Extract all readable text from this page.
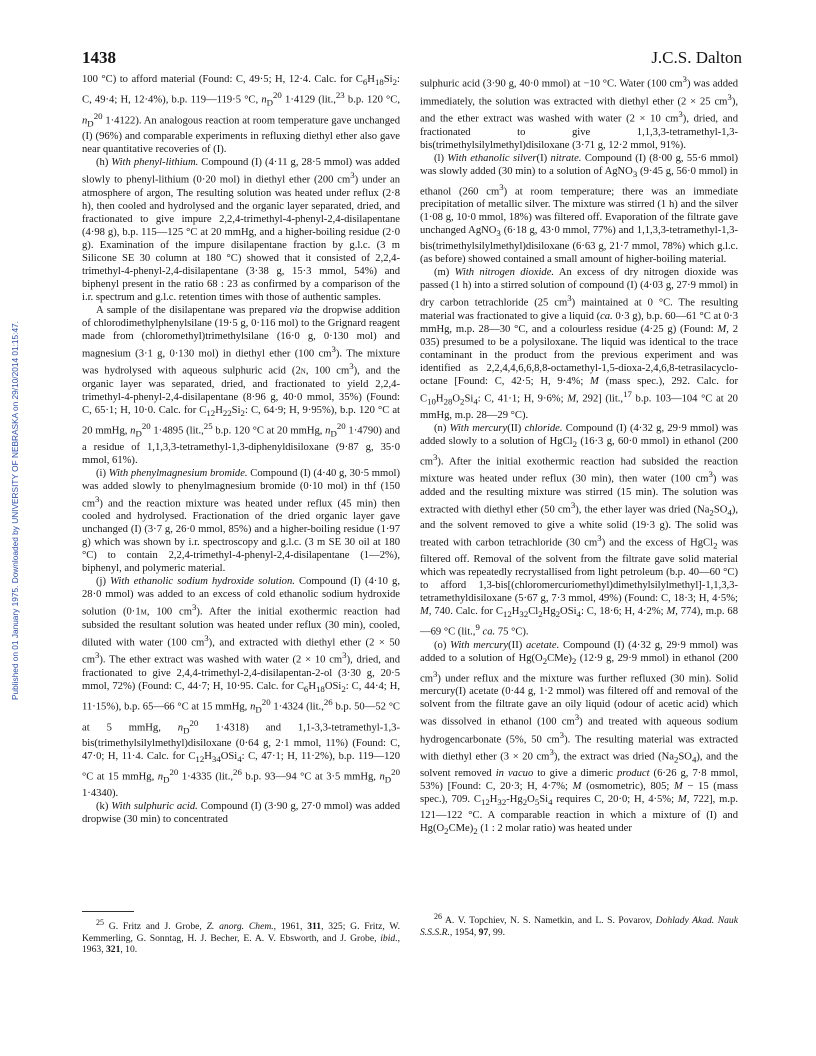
1438	J.C.S. Dalton
Published on 01 January 1975. Downloaded by UNIVERSITY OF NEBRASKA on 29/10/2014 01:15:47.

100 °C) to afford material (Found: C, 49·5; H, 12·4. Calc. for $C_6H_{18}Si_2$: C, 49·4; H, 12·4%), b.p. 119—119·5 °C, $n_D^{20}$ 1·4129 (lit.,$^{23}$ b.p. 120 °C, $n_D^{20}$ 1·4122). An analogous reaction at room temperature gave unchanged (I) (96%) and comparable experiments in refluxing diethyl ether also gave near quantitative recoveries of (I).

(h) With phenyl-lithium. Compound (I) (4·11 g, 28·5 mmol) was added slowly to phenyl-lithium (0·20 mol) in diethyl ether (200 $cm^3$) under an atmosphere of argon, The resulting solution was heated under reflux (2·8 h), then cooled and hydrolysed and the organic layer separated, dried, and fractionated to give impure 2,2,4-trimethyl-4-phenyl-2,4-disilapentane (4·98 g), b.p. 115—125 °C at 20 mmHg, and a higher-boiling residue (2·0 g). Examination of the impure disilapentane fraction by g.l.c. (3 m Silicone SE 30 column at 180 °C) showed that it consisted of 2,2,4-trimethyl-4-phenyl-2,4-disilapentane (3·38 g, 15·3 mmol, 54%) and biphenyl present in the ratio 68 : 23 as confirmed by a comparison of the i.r. spectrum and g.l.c. retention times with those of authentic samples.

A sample of the disilapentane was prepared via the dropwise addition of chlorodimethylphenylsilane (19·5 g, 0·116 mol) to the Grignard reagent made from (chloromethyl)trimethylsilane (16·0 g, 0·130 mol) and magnesium (3·1 g, 0·130 mol) in diethyl ether (100 $cm^3$). The mixture was hydrolysed with aqueous sulphuric acid (2n, 100 $cm^3$), and the organic layer was separated, dried, and fractionated to yield 2,2,4-trimethyl-4-phenyl-2,4-disilapentane (8·96 g, 40·0 mmol, 35%) (Found: C, 65·1; H, 10·0. Calc. for $C_{12}H_{22}Si_2$: C, 64·9; H, 9·95%), b.p. 120 °C at 20 mmHg, $n_D^{20}$ 1·4895 (lit.,$^{25}$ b.p. 120 °C at 20 mmHg, $n_D^{20}$ 1·4790) and a residue of 1,1,3,3-tetramethyl-1,3-diphenyldisiloxane (9·87 g, 35·0 mmol, 61%).

(i) With phenylmagnesium bromide. Compound (I) (4·40 g, 30·5 mmol) was added slowly to phenylmagnesium bromide (0·10 mol) in thf (150 $cm^3$) and the reaction mixture was heated under reflux (45 min) then cooled and hydrolysed. Fractionation of the dried organic layer gave unchanged (I) (3·7 g, 26·0 mmol, 85%) and a higher-boiling residue (1·97 g) which was shown by i.r. spectroscopy and g.l.c. (3 m SE 30 oil at 180 °C) to contain 2,2,4-trimethyl-4-phenyl-2,4-disilapentane (1—2%), biphenyl, and polymeric material.

(j) With ethanolic sodium hydroxide solution. Compound (I) (4·10 g, 28·0 mmol) was added to an excess of cold ethanolic sodium hydroxide solution (0·1m, 100 $cm^3$). After the initial exothermic reaction had subsided the resultant solution was heated under reflux (30 min), cooled, diluted with water (100 $cm^3$), and extracted with diethyl ether (2 × 50 $cm^3$). The ether extract was washed with water (2 × 10 $cm^3$), dried, and fractionated to give 2,4,4-trimethyl-2,4-disilapentan-2-ol (3·30 g, 20·5 mmol, 72%) (Found: C, 44·7; H, 10·95. Calc. for $C_6H_{18}OSi_2$: C, 44·4; H, 11·15%), b.p. 65—66 °C at 15 mmHg, $n_D^{20}$ 1·4324 (lit.,$^{26}$ b.p. 50—52 °C at 5 mmHg, $n_D^{20}$ 1·4318) and 1,1-3,3-tetramethyl-1,3-bis(trimethylsilylmethyl)disiloxane (0·64 g, 2·1 mmol, 11%) (Found: C, 47·0; H, 11·4. Calc. for $C_{12}H_{34}OSi_4$: C, 47·1; H, 11·2%), b.p. 119—120 °C at 15 mmHg, $n_D^{20}$ 1·4335 (lit.,$^{26}$ b.p. 93—94 °C at 3·5 mmHg, $n_D^{20}$ 1·4340).

(k) With sulphuric acid. Compound (I) (3·90 g, 27·0 mmol) was added dropwise (30 min) to concentrated

sulphuric acid (3·90 g, 40·0 mmol) at −10 °C. Water (100 $cm^3$) was added immediately, the solution was extracted with diethyl ether (2 × 25 $cm^3$), and the ether extract was washed with water (2 × 10 $cm^3$), dried, and fractionated to give 1,1,3,3-tetramethyl-1,3-bis(trimethylsilylmethyl)disiloxane (3·71 g, 12·2 mmol, 91%).

(l) With ethanolic silver(I) nitrate. Compound (I) (8·00 g, 55·6 mmol) was slowly added (30 min) to a solution of AgNO$_3$ (9·45 g, 56·0 mmol) in ethanol (260 $cm^3$) at room temperature; there was an immediate precipitation of metallic silver. The mixture was stirred (1 h) and the silver (1·08 g, 10·0 mmol, 18%) was filtered off. Evaporation of the filtrate gave unchanged AgNO$_3$ (6·18 g, 43·0 mmol, 77%) and 1,1,3,3-tetramethyl-1,3-bis(trimethylsilylmethyl)disiloxane (6·63 g, 21·7 mmol, 78%) which g.l.c. (as before) showed contained a small amount of higher-boiling material.

(m) With nitrogen dioxide. An excess of dry nitrogen dioxide was passed (1 h) into a stirred solution of compound (I) (4·03 g, 27·9 mmol) in dry carbon tetrachloride (25 $cm^3$) maintained at 0 °C. The resulting material was fractionated to give a liquid (ca. 0·3 g), b.p. 60—61 °C at 0·3 mmHg, m.p. 28—30 °C, and a colourless residue (4·25 g) (Found: M, 2 035) presumed to be a polysiloxane. The liquid was identical to the trace contaminant in the product from the previous experiment and was identified as 2,2,4,4,6,6,8,8-octamethyl-1,5-dioxa-2,4,6,8-tetrasilacyclo-octane [Found: C, 42·5; H, 9·4%; M (mass spec.), 292. Calc. for $C_{10}H_{28}O_2Si_4$: C, 41·1; H, 9·6%; M, 292] (lit.,$^{17}$ b.p. 103—104 °C at 20 mmHg, m.p. 28—29 °C).

(n) With mercury(II) chloride. Compound (I) (4·32 g, 29·9 mmol) was added slowly to a solution of HgCl$_2$ (16·3 g, 60·0 mmol) in ethanol (200 $cm^3$). After the initial exothermic reaction had subsided the reaction mixture was heated under reflux (30 min), then water (100 $cm^3$) was added and the resulting mixture was stirred (15 min). The solution was extracted with diethyl ether (50 $cm^3$), the ether layer was dried $(Na_2SO_4)$, and the solvent removed to give a white solid (19·3 g). The solid was treated with carbon tetrachloride (30 $cm^3$) and the excess of HgCl$_2$ was filtered off. Removal of the solvent from the filtrate gave solid material which was repeatedly recrystallised from light petroleum (b.p. 40—60 °C) to afford 1,3-bis[(chloromercuriomethyl)dimethylsilylmethyl]-1,1,3,3-tetramethyldisiloxane (5·67 g, 7·3 mmol, 49%) (Found: C, 18·3; H, 4·5%; M, 740. Calc. for $C_{12}H_{32}Cl_2Hg_2OSi_4$: C, 18·6; H, 4·2%; M, 774), m.p. 68—69 °C (lit.,$^9$ ca. 75 °C).

(o) With mercury(II) acetate. Compound (I) (4·32 g, 29·9 mmol) was added to a solution of $Hg(O_2CMe)_2$ (12·9 g, 29·9 mmol) in ethanol (200 $cm^3$) under reflux and the mixture was further refluxed (30 min). Solid mercury(I) acetate (0·44 g, 1·2 mmol) was filtered off and removal of the solvent from the filtrate gave an oily liquid (odour of acetic acid) which was dissolved in ethanol (100 $cm^3$) and treated with aqueous sodium hydrogencarbonate (5%, 50 $cm^3$). The resulting material was extracted with diethyl ether (3 × 20 $cm^3$), the extract was dried $(Na_2SO_4)$, and the solvent removed in vacuo to give a dimeric product (6·26 g, 7·8 mmol, 53%) [Found: C, 20·3; H, 4·7%; M (osmometric), 805; M − 15 (mass spec.), 709. $C_{12}H_{32}-Hg_2O_5Si_4$ requires C, 20·0; H, 4·5%; M, 722], m.p. 121—122 °C. A comparable reaction in which a mixture of (I) and $Hg(O_2CMe)_2$ (1 : 2 molar ratio) was heated under

$^{25}$ G. Fritz and J. Grobe, Z. anorg. Chem., 1961, 311, 325; G. Fritz, W. Kemmerling, G. Sonntag, H. J. Becher, E. A. V. Ebsworth, and J. Grobe, ibid., 1963, 321, 10.

$^{26}$ A. V. Topchiev, N. S. Nametkin, and L. S. Povarov, Dohlady Akad. Nauk S.S.S.R., 1954, 97, 99.
